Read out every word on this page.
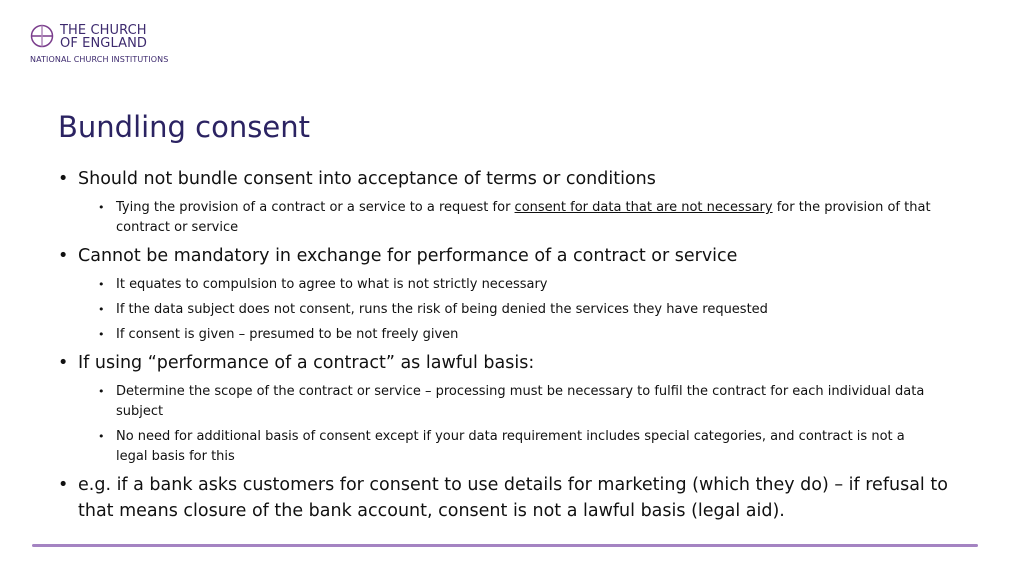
THE CHURCH
OF ENGLAND
NATIONAL CHURCH INSTITUTIONS
Bundling consent
• Should not bundle consent into acceptance of terms or conditions
• Tying the provision of a contract or a service to a request for consent for data that are not necessary for the provision of that contract or service
• Cannot be mandatory in exchange for performance of a contract or service
• It equates to compulsion to agree to what is not strictly necessary
• If the data subject does not consent, runs the risk of being denied the services they have requested
• If consent is given – presumed to be not freely given
• If using “performance of a contract” as lawful basis:
• Determine the scope of the contract or service – processing must be necessary to fulfil the contract for each individual data subject
• No need for additional basis of consent except if your data requirement includes special categories, and contract is not a legal basis for this
• e.g. if a bank asks customers for consent to use details for marketing (which they do) – if refusal to that means closure of the bank account, consent is not a lawful basis (legal aid).
